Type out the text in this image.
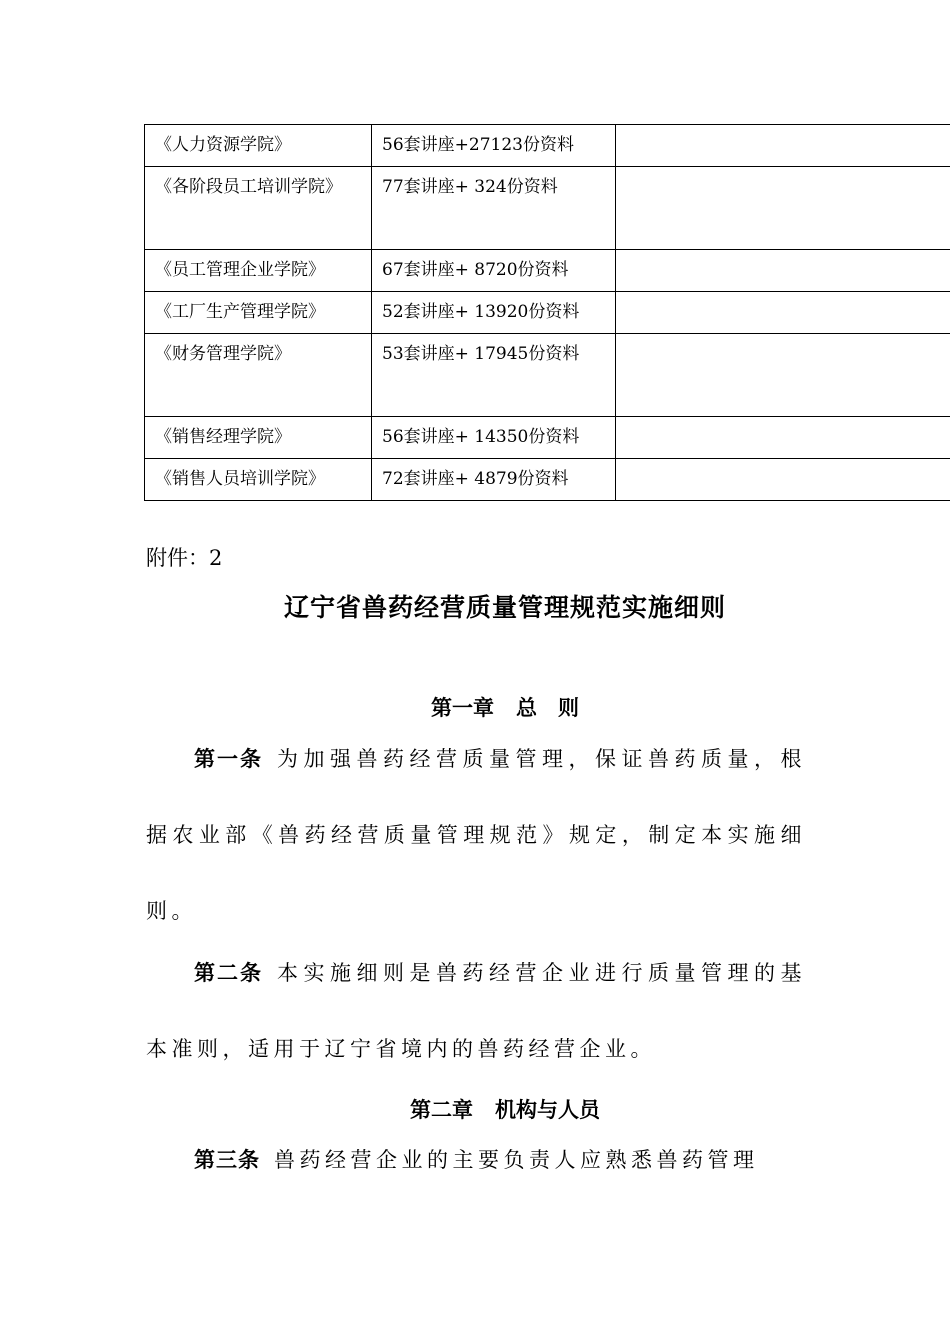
《人力资源学院》	56套讲座+27123份资料	
《各阶段员工培训学院》	77套讲座+ 324份资料	
《员工管理企业学院》	67套讲座+ 8720份资料	
《工厂生产管理学院》	52套讲座+ 13920份资料	
《财务管理学院》	53套讲座+ 17945份资料	
《销售经理学院》	56套讲座+ 14350份资料	
《销售人员培训学院》	72套讲座+ 4879份资料	
附件：2
辽宁省兽药经营质量管理规范实施细则
第一章 总　则
第一条 为加强兽药经营质量管理，保证兽药质量，根据农业部《兽药经营质量管理规范》规定，制定本实施细则。
第二条 本实施细则是兽药经营企业进行质量管理的基本准则，适用于辽宁省境内的兽药经营企业。
第二章 机构与人员
第三条 兽药经营企业的主要负责人应熟悉兽药管理
